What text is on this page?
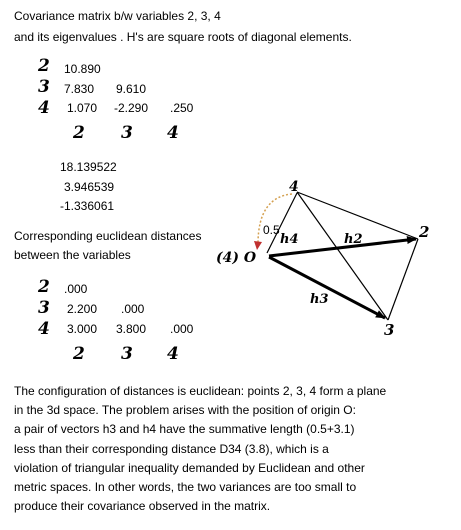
Covariance matrix b/w variables 2, 3, 4
and its eigenvalues . H's are square roots of diagonal elements.
2
3
4
10.890
7.830 9.610
1.070 -2.290 .250
2 3 4
18.139522
3.946539
-1.336061
Corresponding euclidean distances
between the variables
2
3
4
.000
2.200 .000
3.000 3.800 .000
2 3 4
4
2
3
(4) O
0.5
h4	h2
h3
The configuration of distances is euclidean: points 2, 3, 4 form a plane
in the 3d space. The problem arises with the position of origin O:
a pair of vectors h3 and h4 have the summative length (0.5+3.1)
less than their corresponding distance D34 (3.8), which is a
violation of triangular inequality demanded by Euclidean and other
metric spaces. In other words, the two variances are too small to
produce their covariance observed in the matrix.
